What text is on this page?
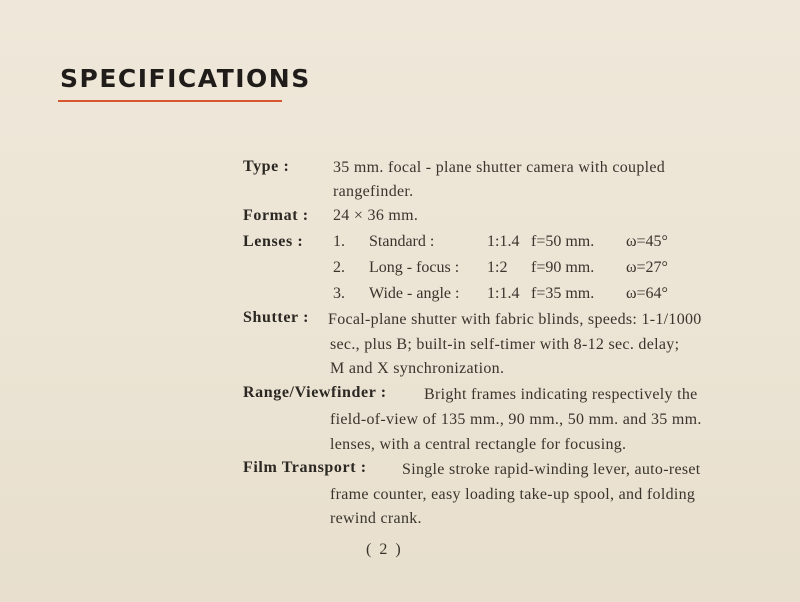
SPECIFICATIONS
Type :	35 mm. focal - plane shutter camera with coupled
rangefinder.
Format : 24 × 36 mm.
Lenses : 1. Standard :	1:1.4 f=50 mm. ω=45°
2. Long - focus : 1:2 f=90 mm. ω=27°
3. Wide - angle : 1:1.4 f=35 mm. ω=64°
Shutter : Focal-plane shutter with fabric blinds, speeds: 1-1/1000
sec., plus B; built-in self-timer with 8-12 sec. delay;
M and X synchronization.
Range/Viewfinder : Bright frames indicating respectively the
field-of-view of 135 mm., 90 mm., 50 mm. and 35 mm.
lenses, with a central rectangle for focusing.
Film Transport : Single stroke rapid-winding lever, auto-reset
frame counter, easy loading take-up spool, and folding
rewind crank.
( 2 )
